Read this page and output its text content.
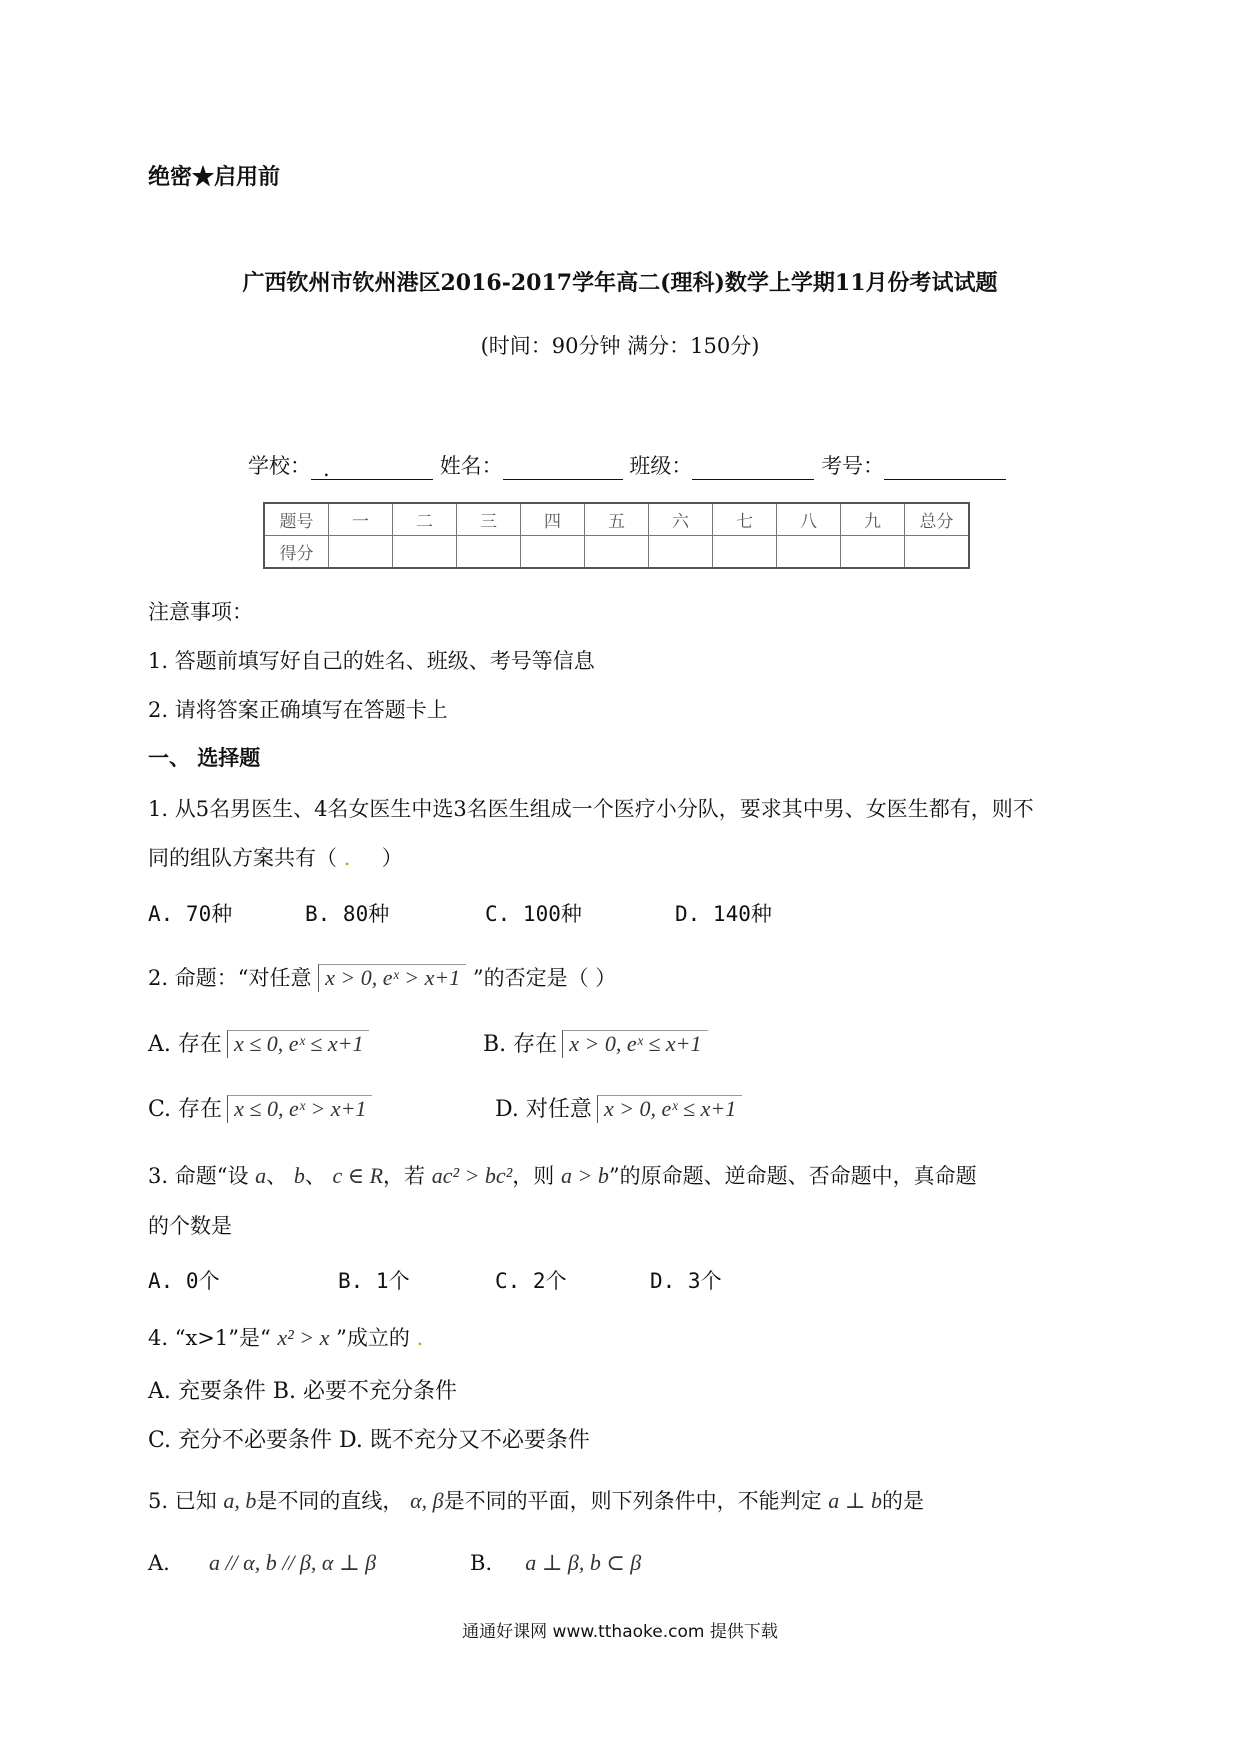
绝密★启用前
广西钦州市钦州港区2016-2017学年高二(理科)数学上学期11月份考试试题
(时间：90分钟 满分：150分)
学校： .	姓名：	班级：	考号：
题号	一	二	三	四	五	六	七	八	九	总分
得分										
注意事项：
1. 答题前填写好自己的姓名、班级、考号等信息
2. 请将答案正确填写在答题卡上
一、 选择题
1. 从5名男医生、4名女医生中选3名医生组成一个医疗小分队，要求其中男、女医生都有，则不
同的组队方案共有（ . ）
A. 70种	B. 80种	C. 100种	D. 140种
2. 命题：“对任意 x > 0, eˣ > x+1 ”的否定是（ ）
A. 存在 x ≤ 0, eˣ ≤ x+1	B. 存在 x > 0, eˣ ≤ x+1
C. 存在 x ≤ 0, eˣ > x+1	D. 对任意 x > 0, eˣ ≤ x+1
3. 命题“设 a、 b、 c ∈ R，若 ac² > bc²，则 a > b”的原命题、逆命题、否命题中，真命题
的个数是
A. 0个	B. 1个	C. 2个	D. 3个
4. “x>1”是“ x² > x ”成立的 .
A. 充要条件 B. 必要不充分条件
C. 充分不必要条件 D. 既不充分又不必要条件
5. 已知 a, b是不同的直线， α, β是不同的平面，则下列条件中，不能判定 a ⊥ b的是
A. a // α, b // β, α ⊥ β	B. a ⊥ β, b ⊂ β
通通好课网 www.tthaoke.com 提供下载
